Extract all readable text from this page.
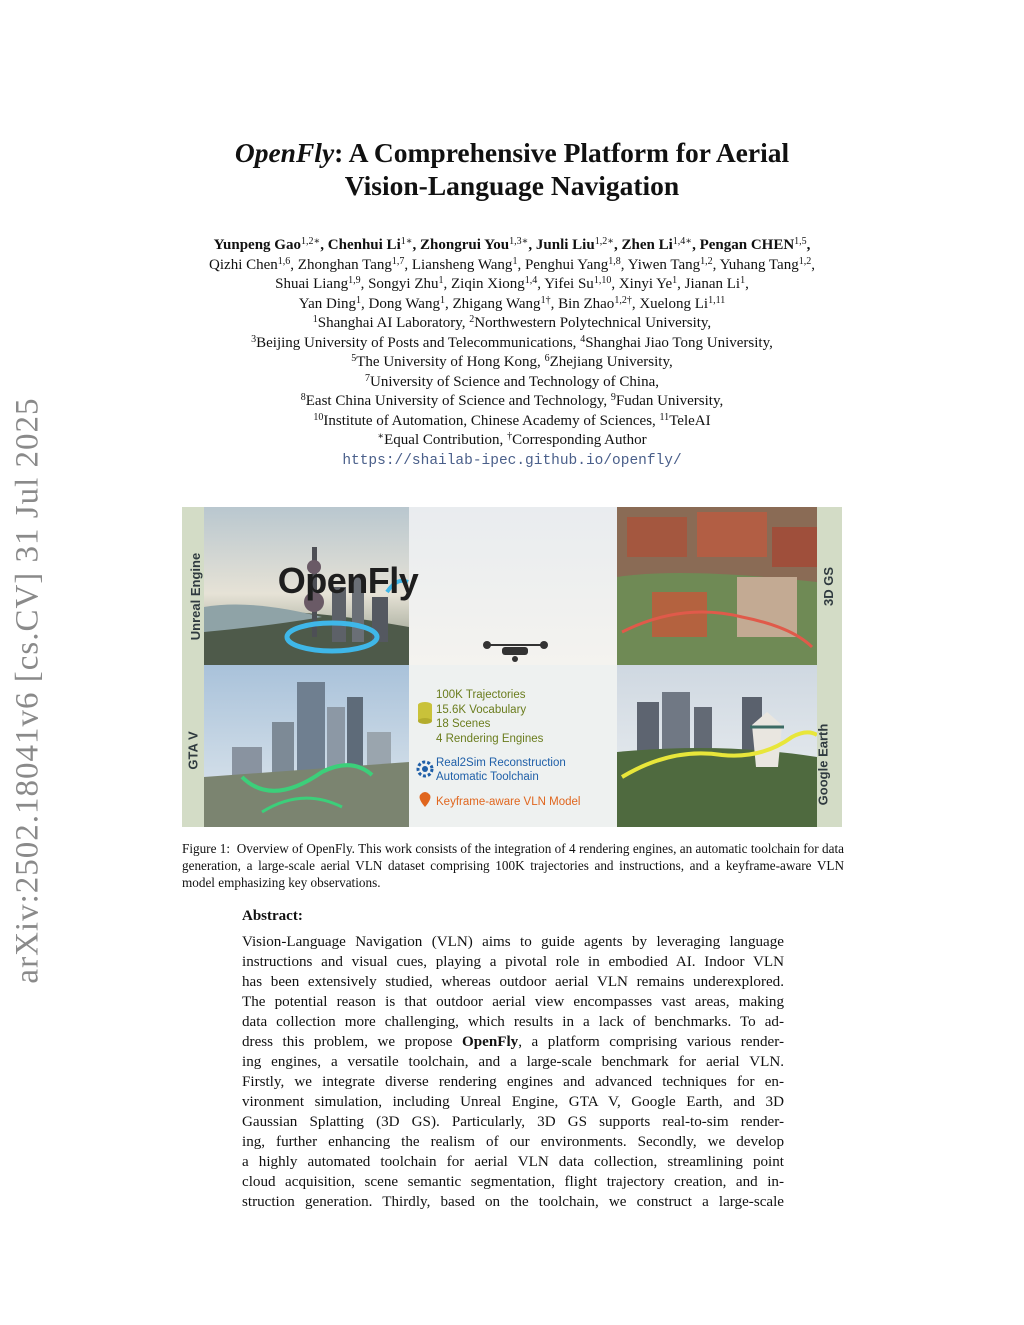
arXiv:2502.18041v6 [cs.CV] 31 Jul 2025
OpenFly: A Comprehensive Platform for Aerial
Vision-Language Navigation
Yunpeng Gao$^{1,2∗}$, Chenhui $Li^{1∗}$, Zhongrui You$^{1,3∗}$, Junli Liu$^{1,2∗}$, Zhen $Li^{1,4∗}$, Pengan CHEN$^{1,5}$,
Qizhi Chen$^{1,6}$, Zhonghan Tang$^{1,7}$, Liansheng Wang$^1$, Penghui Yang$^{1,8}$, Yiwen Tang$^{1,2}$, Yuhang Tang$^{1,2}$,
Shuai Liang$^{1,9}$, Songyi Zhu$^1$, Ziqin Xiong$^{1,4}$, Yifei Su$^{1,10}$, Xinyi Ye$^1$, Jianan Li$^1$,
Yan Ding$^1$, Dong Wang$^1$, Zhigang Wang$^{1\dagger}$, Bin Zhao$^{1,2\dagger}$, Xuelong Li$^{1,11}$
$^1$Shanghai AI Laboratory, $^2$Northwestern Polytechnical University,
$^3$Beijing University of Posts and Telecommunications, $^4$Shanghai Jiao Tong University,
$^5$The University of Hong Kong, $^6$Zhejiang University,
$^7$University of Science and Technology of China,
$^8$East China University of Science and Technology, $^9$Fudan University,
$^{10}$Institute of Automation, Chinese Academy of Sciences, $^{11}$TeleAI
∗Equal Contribution, †Corresponding Author
https://shailab-ipec.github.io/openfly/
Unreal Engine
GTA V
3D GS
Google Earth
OpenFly
100K Trajectories
15.6K Vocabulary
18 Scenes
4 Rendering Engines
Real2Sim Reconstruction
Automatic Toolchain
Keyframe-aware VLN Model
Figure 1: Overview of OpenFly. This work consists of the integration of 4 rendering engines, an automatic toolchain for data generation, a large-scale aerial VLN dataset comprising 100K trajectories and instructions, and a keyframe-aware VLN model emphasizing key observations.
Abstract:
Vision-Language Navigation (VLN) aims to guide agents by leveraging language
instructions and visual cues, playing a pivotal role in embodied AI. Indoor VLN
has been extensively studied, whereas outdoor aerial VLN remains underexplored.
The potential reason is that outdoor aerial view encompasses vast areas, making
data collection more challenging, which results in a lack of benchmarks. To ad-
dress this problem, we propose OpenFly, a platform comprising various render-
ing engines, a versatile toolchain, and a large-scale benchmark for aerial VLN.
Firstly, we integrate diverse rendering engines and advanced techniques for en-
vironment simulation, including Unreal Engine, GTA V, Google Earth, and 3D
Gaussian Splatting (3D GS). Particularly, 3D GS supports real-to-sim render-
ing, further enhancing the realism of our environments. Secondly, we develop
a highly automated toolchain for aerial VLN data collection, streamlining point
cloud acquisition, scene semantic segmentation, flight trajectory creation, and in-
struction generation. Thirdly, based on the toolchain, we construct a large-scale
